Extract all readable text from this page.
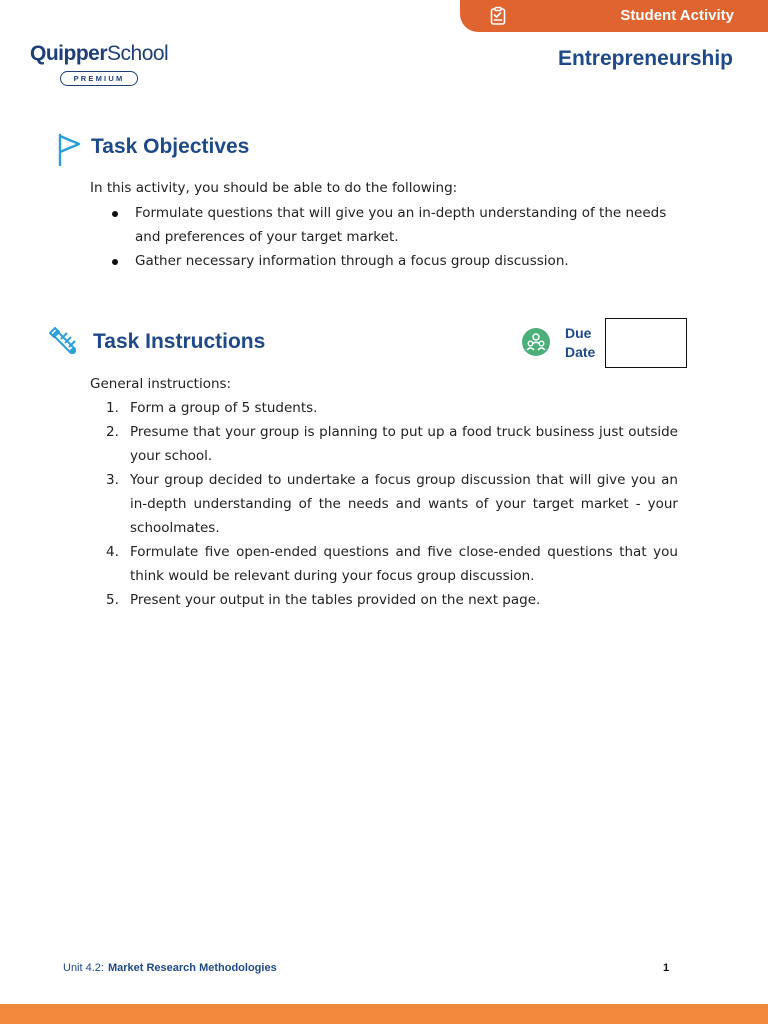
Student Activity
QuipperSchool
PREMIUM
Entrepreneurship
Task Objectives
In this activity, you should be able to do the following:
Formulate questions that will give you an in-depth understanding of the needs and preferences of your target market.
Gather necessary information through a focus group discussion.
Task Instructions	Due
Date
General instructions:
1. Form a group of 5 students.
2. Presume that your group is planning to put up a food truck business just outside your school.
3. Your group decided to undertake a focus group discussion that will give you an in-depth understanding of the needs and wants of your target market - your schoolmates.
4. Formulate five open-ended questions and five close-ended questions that you think would be relevant during your focus group discussion.
5. Present your output in the tables provided on the next page.
Unit 4.2: Market Research Methodologies	1
